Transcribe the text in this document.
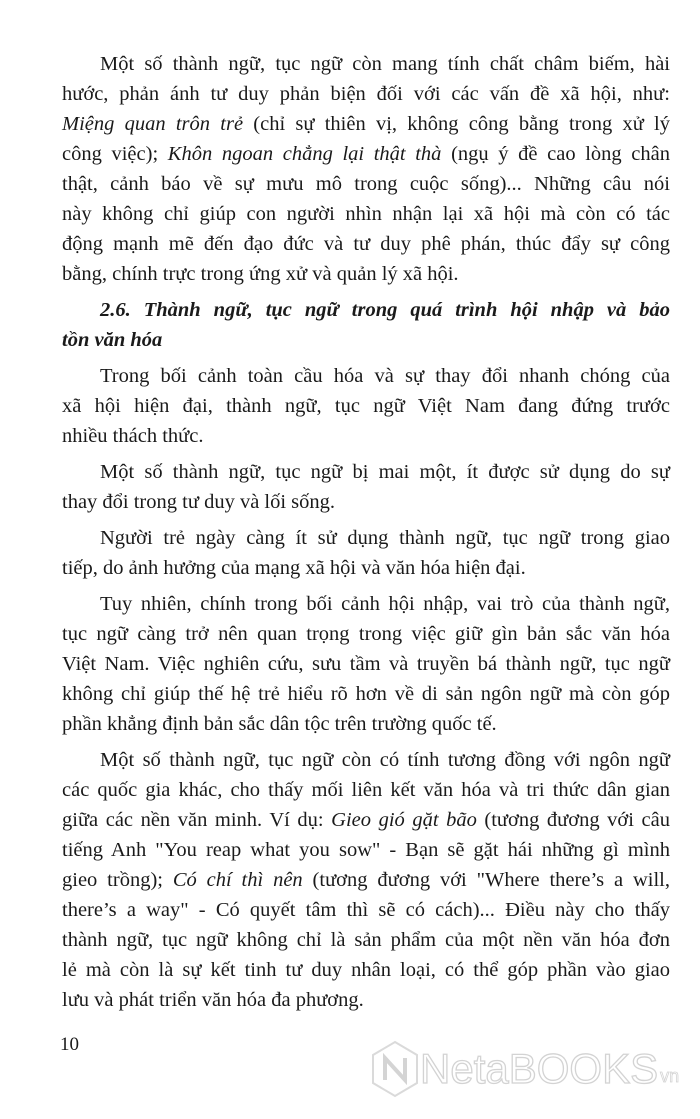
Một số thành ngữ, tục ngữ còn mang tính chất châm biếm, hài
hước, phản ánh tư duy phản biện đối với các vấn đề xã hội, như:
Miệng quan trôn trẻ (chỉ sự thiên vị, không công bằng trong xử lý
công việc); Khôn ngoan chẳng lại thật thà (ngụ ý đề cao lòng chân
thật, cảnh báo về sự mưu mô trong cuộc sống)... Những câu nói
này không chỉ giúp con người nhìn nhận lại xã hội mà còn có tác
động mạnh mẽ đến đạo đức và tư duy phê phán, thúc đẩy sự công
bằng, chính trực trong ứng xử và quản lý xã hội.
2.6. Thành ngữ, tục ngữ trong quá trình hội nhập và bảo
tồn văn hóa
Trong bối cảnh toàn cầu hóa và sự thay đổi nhanh chóng của
xã hội hiện đại, thành ngữ, tục ngữ Việt Nam đang đứng trước
nhiều thách thức.
Một số thành ngữ, tục ngữ bị mai một, ít được sử dụng do sự
thay đổi trong tư duy và lối sống.
Người trẻ ngày càng ít sử dụng thành ngữ, tục ngữ trong giao
tiếp, do ảnh hưởng của mạng xã hội và văn hóa hiện đại.
Tuy nhiên, chính trong bối cảnh hội nhập, vai trò của thành ngữ,
tục ngữ càng trở nên quan trọng trong việc giữ gìn bản sắc văn hóa
Việt Nam. Việc nghiên cứu, sưu tầm và truyền bá thành ngữ, tục ngữ
không chỉ giúp thế hệ trẻ hiểu rõ hơn về di sản ngôn ngữ mà còn góp
phần khẳng định bản sắc dân tộc trên trường quốc tế.
Một số thành ngữ, tục ngữ còn có tính tương đồng với ngôn ngữ
các quốc gia khác, cho thấy mối liên kết văn hóa và tri thức dân gian
giữa các nền văn minh. Ví dụ: Gieo gió gặt bão (tương đương với câu
tiếng Anh "You reap what you sow" - Bạn sẽ gặt hái những gì mình
gieo trồng); Có chí thì nên (tương đương với "Where there’s a will,
there’s a way" - Có quyết tâm thì sẽ có cách)... Điều này cho thấy
thành ngữ, tục ngữ không chỉ là sản phẩm của một nền văn hóa đơn
lẻ mà còn là sự kết tinh tư duy nhân loại, có thể góp phần vào giao
lưu và phát triển văn hóa đa phương.
10
NetaBOOKS vn
